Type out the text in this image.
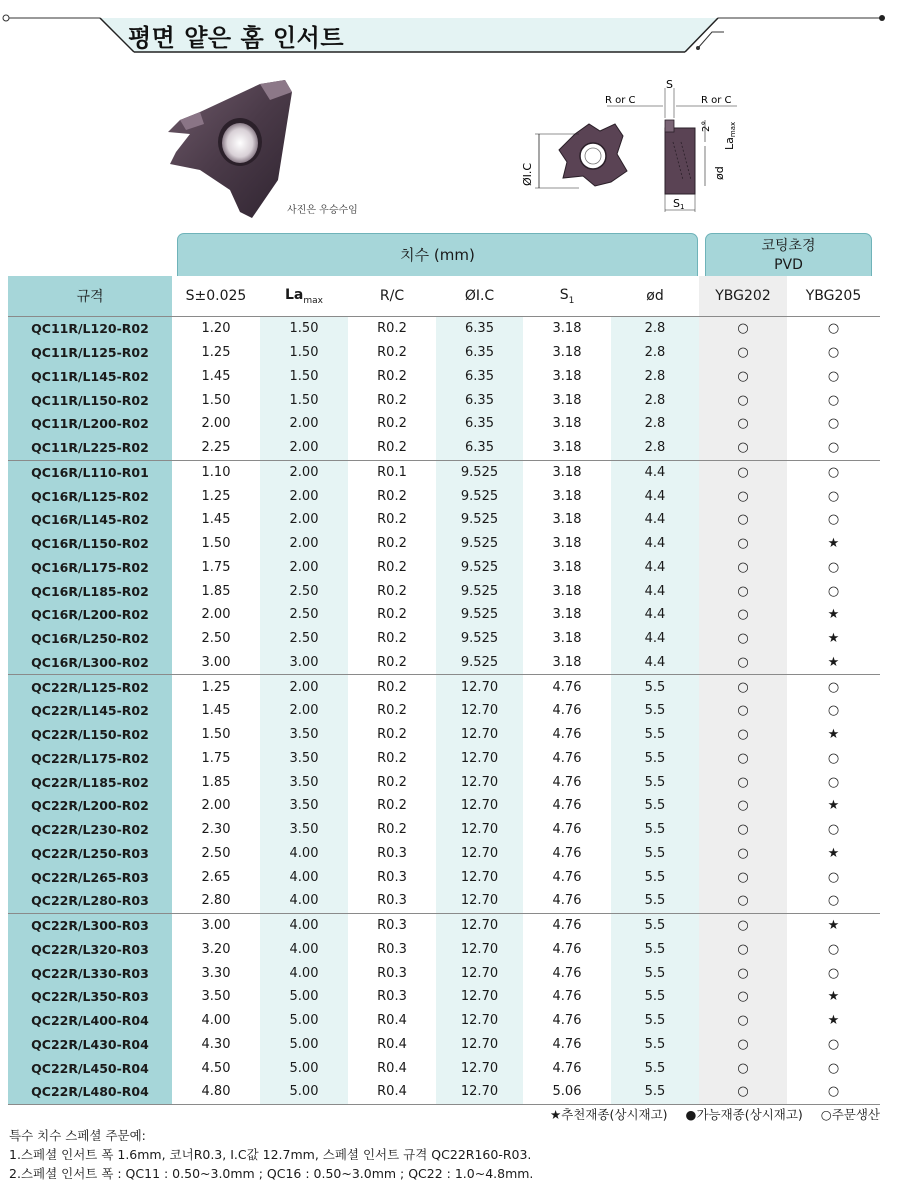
평면 얕은 홈 인서트
사진은 우승수임
ØI.C
S
R or C	R or C
2°
Lamax
ød
S1
치수 (mm)	코팅초경
PVD
규격	S±0.025	$La_{max}$	R/C	ØI.C	$S_1$	ød	YBG202	YBG205
QC11R/L120-R02	1.20	1.50	R0.2	6.35	3.18	2.8	○	○
QC11R/L125-R02	1.25	1.50	R0.2	6.35	3.18	2.8	○	○
QC11R/L145-R02	1.45	1.50	R0.2	6.35	3.18	2.8	○	○
QC11R/L150-R02	1.50	1.50	R0.2	6.35	3.18	2.8	○	○
QC11R/L200-R02	2.00	2.00	R0.2	6.35	3.18	2.8	○	○
QC11R/L225-R02	2.25	2.00	R0.2	6.35	3.18	2.8	○	○
QC16R/L110-R01	1.10	2.00	R0.1	9.525	3.18	4.4	○	○
QC16R/L125-R02	1.25	2.00	R0.2	9.525	3.18	4.4	○	○
QC16R/L145-R02	1.45	2.00	R0.2	9.525	3.18	4.4	○	○
QC16R/L150-R02	1.50	2.00	R0.2	9.525	3.18	4.4	○	★
QC16R/L175-R02	1.75	2.00	R0.2	9.525	3.18	4.4	○	○
QC16R/L185-R02	1.85	2.50	R0.2	9.525	3.18	4.4	○	○
QC16R/L200-R02	2.00	2.50	R0.2	9.525	3.18	4.4	○	★
QC16R/L250-R02	2.50	2.50	R0.2	9.525	3.18	4.4	○	★
QC16R/L300-R02	3.00	3.00	R0.2	9.525	3.18	4.4	○	★
QC22R/L125-R02	1.25	2.00	R0.2	12.70	4.76	5.5	○	○
QC22R/L145-R02	1.45	2.00	R0.2	12.70	4.76	5.5	○	○
QC22R/L150-R02	1.50	3.50	R0.2	12.70	4.76	5.5	○	★
QC22R/L175-R02	1.75	3.50	R0.2	12.70	4.76	5.5	○	○
QC22R/L185-R02	1.85	3.50	R0.2	12.70	4.76	5.5	○	○
QC22R/L200-R02	2.00	3.50	R0.2	12.70	4.76	5.5	○	★
QC22R/L230-R02	2.30	3.50	R0.2	12.70	4.76	5.5	○	○
QC22R/L250-R03	2.50	4.00	R0.3	12.70	4.76	5.5	○	★
QC22R/L265-R03	2.65	4.00	R0.3	12.70	4.76	5.5	○	○
QC22R/L280-R03	2.80	4.00	R0.3	12.70	4.76	5.5	○	○
QC22R/L300-R03	3.00	4.00	R0.3	12.70	4.76	5.5	○	★
QC22R/L320-R03	3.20	4.00	R0.3	12.70	4.76	5.5	○	○
QC22R/L330-R03	3.30	4.00	R0.3	12.70	4.76	5.5	○	○
QC22R/L350-R03	3.50	5.00	R0.3	12.70	4.76	5.5	○	★
QC22R/L400-R04	4.00	5.00	R0.4	12.70	4.76	5.5	○	★
QC22R/L430-R04	4.30	5.00	R0.4	12.70	4.76	5.5	○	○
QC22R/L450-R04	4.50	5.00	R0.4	12.70	4.76	5.5	○	○
QC22R/L480-R04	4.80	5.00	R0.4	12.70	5.06	5.5	○	○
★추천재종(상시재고) ●가능재종(상시재고) ○주문생산
특수 치수 스페셜 주문예:
1.스페셜 인서트 폭 1.6mm, 코너R0.3, I.C값 12.7mm, 스페셜 인서트 규격 QC22R160-R03.
2.스페셜 인서트 폭 : QC11 : 0.50~3.0mm ; QC16 : 0.50~3.0mm ; QC22 : 1.0~4.8mm.
